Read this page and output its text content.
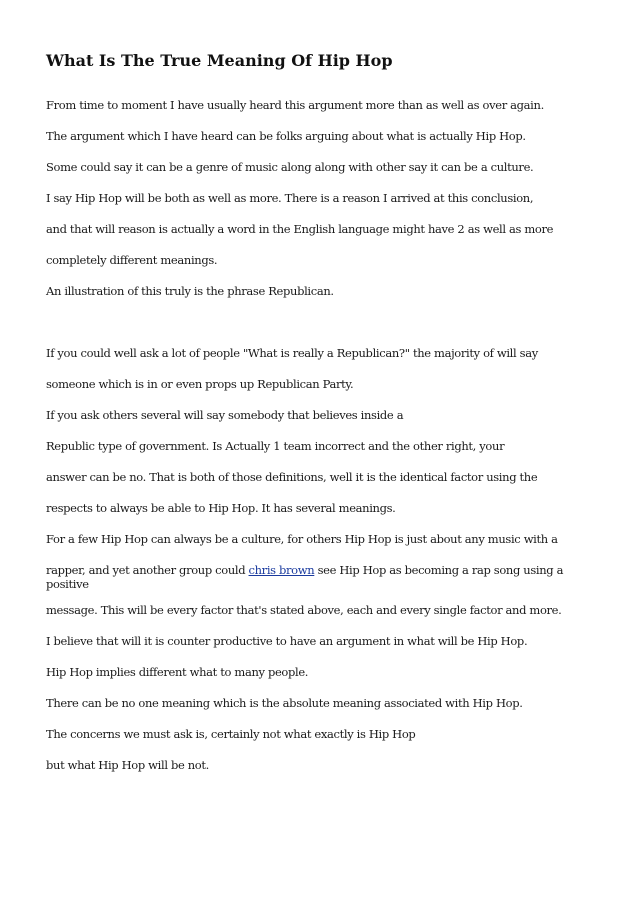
What Is The True Meaning Of Hip Hop

From time to moment I have usually heard this argument more than as well as over again.

The argument which I have heard can be folks arguing about what is actually Hip Hop.

Some could say it can be a genre of music along along with other say it can be a culture.

I say Hip Hop will be both as well as more. There is a reason I arrived at this conclusion,

and that will reason is actually a word in the English language might have 2 as well as more

completely different meanings.

An illustration of this truly is the phrase Republican.

If you could well ask a lot of people "What is really a Republican?" the majority of will say

someone which is in or even props up Republican Party.

If you ask others several will say somebody that believes inside a

Republic type of government. Is Actually 1 team incorrect and the other right, your

answer can be no. That is both of those definitions, well it is the identical factor using the

respects to always be able to Hip Hop. It has several meanings.

For a few Hip Hop can always be a culture, for others Hip Hop is just about any music with a

rapper, and yet another group could chris brown see Hip Hop as becoming a rap song using a positive

message. This will be every factor that's stated above, each and every single factor and more.

I believe that will it is counter productive to have an argument in what will be Hip Hop.

Hip Hop implies different what to many people.

There can be no one meaning which is the absolute meaning associated with Hip Hop.

The concerns we must ask is, certainly not what exactly is Hip Hop

but what Hip Hop will be not.
